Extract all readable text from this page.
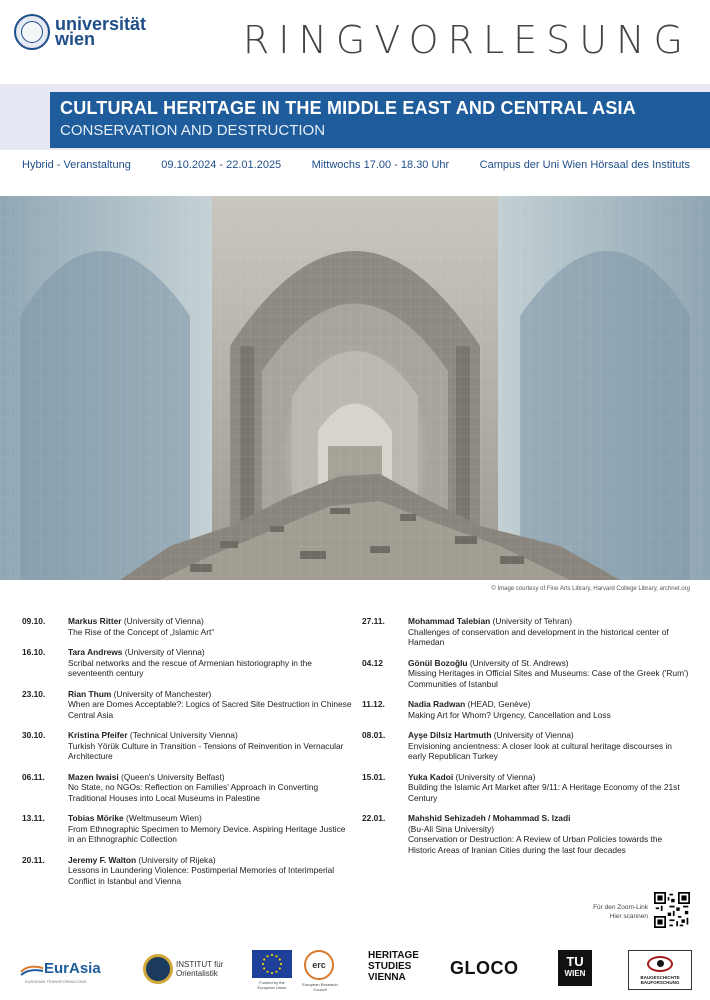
universität
wien	RINGVORLESUNG
CULTURAL HERITAGE IN THE MIDDLE EAST AND CENTRAL ASIA
CONSERVATION AND DESTRUCTION
Hybrid - Veranstaltung	09.10.2024 - 22.01.2025	Mittwochs 17.00 - 18.30 Uhr	Campus der Uni Wien Hörsaal des Instituts
© Image courtesy of Fine Arts Library, Harvard College Library, archnet.org
09.10.	Markus Ritter (University of Vienna)
The Rise of the Concept of „Islamic Art“
16.10.	Tara Andrews (University of Vienna)
Scribal networks and the rescue of Armenian historiography in the seventeenth century
23.10.	Rian Thum (University of Manchester)
When are Domes Acceptable?: Logics of Sacred Site Destruction in Chinese Central Asia
30.10.	Kristina Pfeifer (Technical University Vienna)
Turkish Yörük Culture in Transition - Tensions of Reinvention in Vernacular Architecture
06.11.	Mazen Iwaisi (Queen's University Belfast)
No State, no NGOs: Reflection on Families' Approach in Converting Traditional Houses into Local Museums in Palestine
13.11.	Tobias Mörike (Weltmuseum Wien)
From Ethnographic Specimen to Memory Device. Aspiring Heritage Justice in an Ethnographic Collection
20.11.	Jeremy F. Walton (University of Rijeka)
Lessons in Laundering Violence: Postimperial Memories of Interimperial Conflict in Istanbul and Vienna
27.11.	Mohammad Talebian (University of Tehran)
Challenges of conservation and development in the historical center of Hamedan
04.12	Gönül Bozoğlu (University of St. Andrews)
Missing Heritages in Official Sites and Museums: Case of the Greek ('Rum') Communities of Istanbul
11.12.	Nadia Radwan (HEAD, Genève)
Making Art for Whom? Urgency, Cancellation and Loss
08.01.	Ayşe Dilsiz Hartmuth (University of Vienna)
Envisioning ancientness: A closer look at cultural heritage discourses in early Republican Turkey
15.01.	Yuka Kadoi (University of Vienna)
Building the Islamic Art Market after 9/11: A Heritage Economy of the 21st Century
22.01.	Mahshid Sehizadeh / Mohammad S. Izadi
(Bu-Ali Sina University)
Conservation or Destruction: A Review of Urban Policies towards the Historic Areas of Iranian Cities during the last four decades
Für den Zoom-Link
Hier scannen
EurAsia
EURASIAN TRANSFORMATIONS
INSTITUT für
Orientalistik
Funded by the European Union
erc
European Research Council
HERITAGE
STUDIES
VIENNA GLOCO	TU
WIEN	BAUGESCHICHTE BAUFORSCHUNG
